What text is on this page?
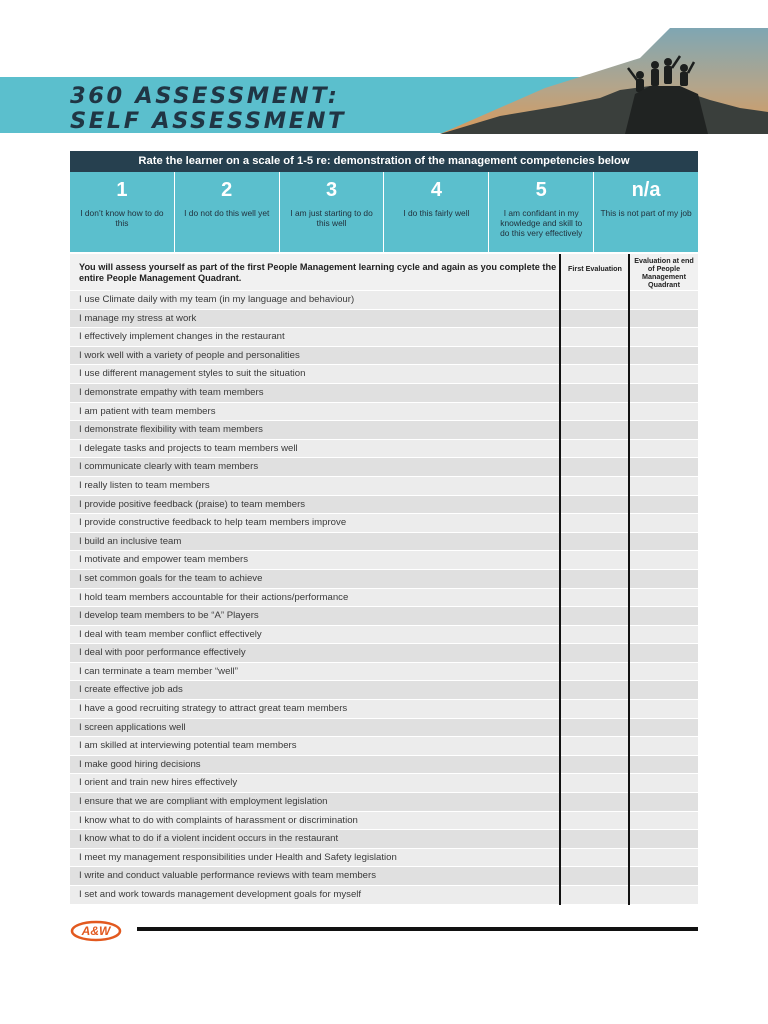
360 ASSESSMENT:
SELF ASSESSMENT
Rate the learner on a scale of 1-5 re: demonstration of the management competencies below
1
I don’t know how to do this
2
I do not do this well yet
3
I am just starting to do this well
4
I do this fairly well
5
I am confidant in my knowledge and skill to do this very effectively
n/a
This is not part of my job
You will assess yourself as part of the first People Management learning cycle and again as you complete the entire People Management Quadrant.
First Evaluation
Evaluation at end of People Management Quadrant
I use Climate daily with my team (in my language and behaviour)
I manage my stress at work
I effectively implement changes in the restaurant
I work well with a variety of people and personalities
I use different management styles to suit the situation
I demonstrate empathy with team members
I am patient with team members
I demonstrate flexibility with team members
I delegate tasks and projects to team members well
I communicate clearly with team members
I really listen to team members
I provide positive feedback (praise) to team members
I provide constructive feedback to help team members improve
I build an inclusive team
I motivate and empower team members
I set common goals for the team to achieve
I hold team members accountable for their actions/performance
I develop team members to be “A” Players
I deal with team member conflict effectively
I deal with poor performance effectively
I can terminate a team member “well”
I create effective job ads
I have a good recruiting strategy to attract great team members
I screen applications well
I am skilled at interviewing potential team members
I make good hiring decisions
I orient and train new hires effectively
I ensure that we are compliant with employment legislation
I know what to do with complaints of harassment or discrimination
I know what to do if a violent incident occurs in the restaurant
I meet my management responsibilities under Health and Safety legislation
I write and conduct valuable performance reviews with team members
I set and work towards management development goals for myself
A&W
